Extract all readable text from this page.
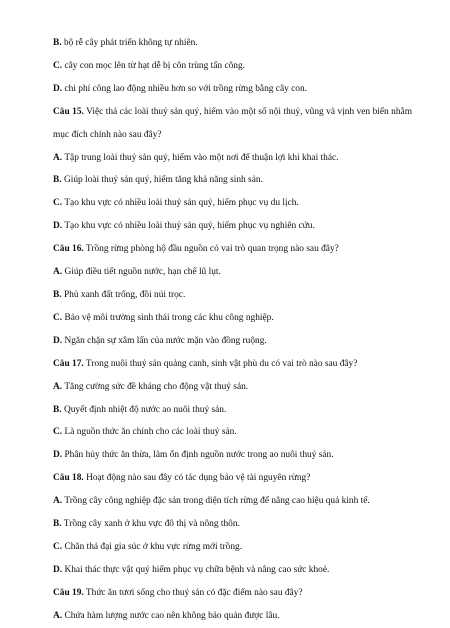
B. bộ rễ cây phát triển không tự nhiên.
C. cây con mọc lên từ hạt dễ bị côn trùng tấn công.
D. chi phí công lao động nhiều hơn so với trồng rừng bằng cây con.
Câu 15. Việc thả các loài thuỷ sản quý, hiếm vào một số nội thuỷ, vũng và vịnh ven biển nhằm mục đích chính nào sau đây?
A. Tập trung loài thuỷ sản quý, hiếm vào một nơi để thuận lợi khi khai thác.
B. Giúp loài thuỷ sản quý, hiếm tăng khả năng sinh sản.
C. Tạo khu vực có nhiều loài thuỷ sản quý, hiếm phục vụ du lịch.
D. Tạo khu vực có nhiều loài thuỷ sản quý, hiếm phục vụ nghiên cứu.
Câu 16. Trồng rừng phòng hộ đầu nguồn có vai trò quan trọng nào sau đây?
A. Giúp điều tiết nguồn nước, hạn chế lũ lụt.
B. Phủ xanh đất trống, đồi núi trọc.
C. Bảo vệ môi trường sinh thái trong các khu công nghiệp.
D. Ngăn chặn sự xâm lấn của nước mặn vào đồng ruộng.
Câu 17. Trong nuôi thuỷ sản quảng canh, sinh vật phù du có vai trò nào sau đây?
A. Tăng cường sức đề kháng cho động vật thuỷ sản.
B. Quyết định nhiệt độ nước ao nuôi thuỷ sản.
C. Là nguồn thức ăn chính cho các loài thuỷ sản.
D. Phân hủy thức ăn thừa, làm ổn định nguồn nước trong ao nuôi thuỷ sản.
Câu 18. Hoạt động nào sau đây có tác dụng bảo vệ tài nguyên rừng?
A. Trồng cây công nghiệp đặc sản trong diện tích rừng để nâng cao hiệu quả kinh tế.
B. Trồng cây xanh ở khu vực đô thị và nông thôn.
C. Chăn thả đại gia súc ở khu vực rừng mới trồng.
D. Khai thác thực vật quý hiếm phục vụ chữa bệnh và nâng cao sức khoẻ.
Câu 19. Thức ăn tươi sống cho thuỷ sản có đặc điểm nào sau đây?
A. Chứa hàm lượng nước cao nên không bảo quản được lâu.
